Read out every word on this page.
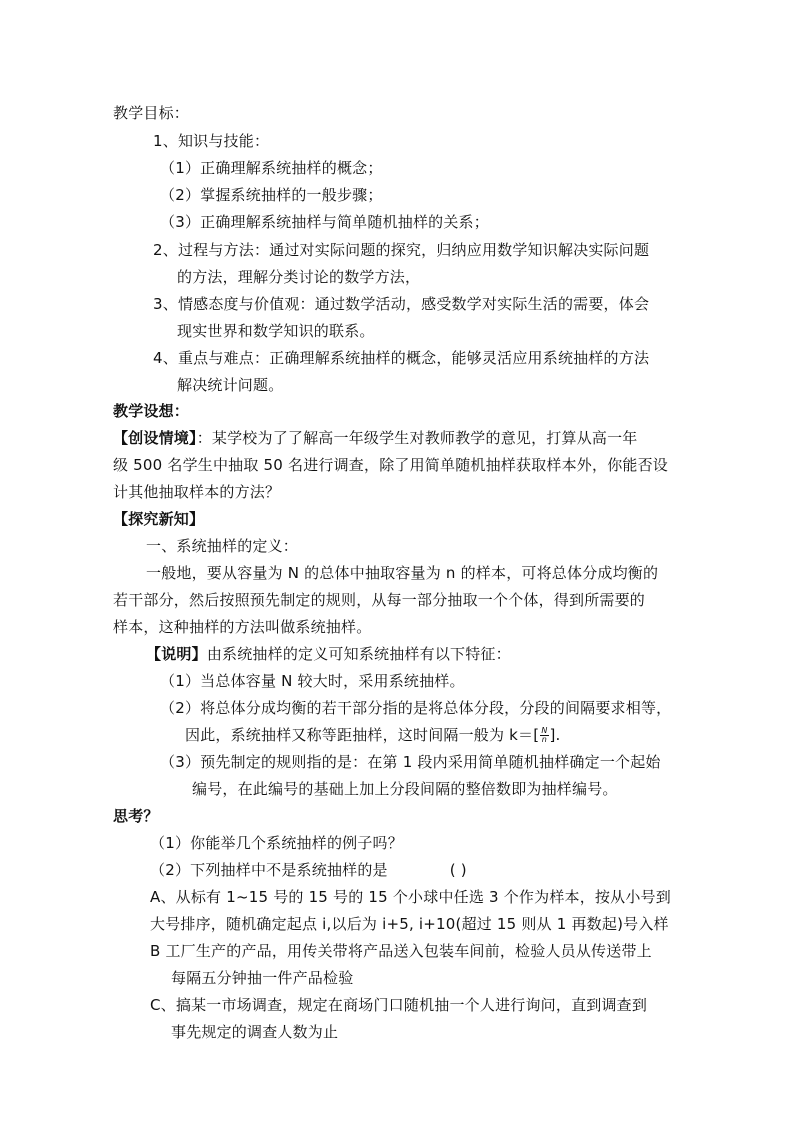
教学目标：
1、知识与技能：
（1）正确理解系统抽样的概念；
（2）掌握系统抽样的一般步骤；
（3）正确理解系统抽样与简单随机抽样的关系；
2、过程与方法：通过对实际问题的探究，归纳应用数学知识解决实际问题
的方法，理解分类讨论的数学方法，
3、情感态度与价值观：通过数学活动，感受数学对实际生活的需要，体会
现实世界和数学知识的联系。
4、重点与难点：正确理解系统抽样的概念，能够灵活应用系统抽样的方法
解决统计问题。
教学设想：
【创设情境】：某学校为了了解高一年级学生对教师教学的意见，打算从高一年
级 500 名学生中抽取 50 名进行调查，除了用简单随机抽样获取样本外，你能否设
计其他抽取样本的方法？
【探究新知】
一、系统抽样的定义：
一般地，要从容量为 N 的总体中抽取容量为 n 的样本，可将总体分成均衡的
若干部分，然后按照预先制定的规则，从每一部分抽取一个个体，得到所需要的
样本，这种抽样的方法叫做系统抽样。
【说明】由系统抽样的定义可知系统抽样有以下特征：
（1）当总体容量 N 较大时，采用系统抽样。
（2）将总体分成均衡的若干部分指的是将总体分段，分段的间隔要求相等，
因此，系统抽样又称等距抽样，这时间隔一般为 $k=[ \frac{N}{n}$ ].
（3）预先制定的规则指的是：在第 1 段内采用简单随机抽样确定一个起始
编号，在此编号的基础上加上分段间隔的整倍数即为抽样编号。
思考？
（1）你能举几个系统抽样的例子吗？
（2）下列抽样中不是系统抽样的是	( )
A、从标有 1~15 号的 15 号的 15 个小球中任选 3 个作为样本，按从小号到
大号排序，随机确定起点 i,以后为 i+5, i+10(超过 15 则从 1 再数起)号入样
B 工厂生产的产品，用传关带将产品送入包装车间前，检验人员从传送带上
每隔五分钟抽一件产品检验
C、搞某一市场调查，规定在商场门口随机抽一个人进行询问，直到调查到
事先规定的调查人数为止
